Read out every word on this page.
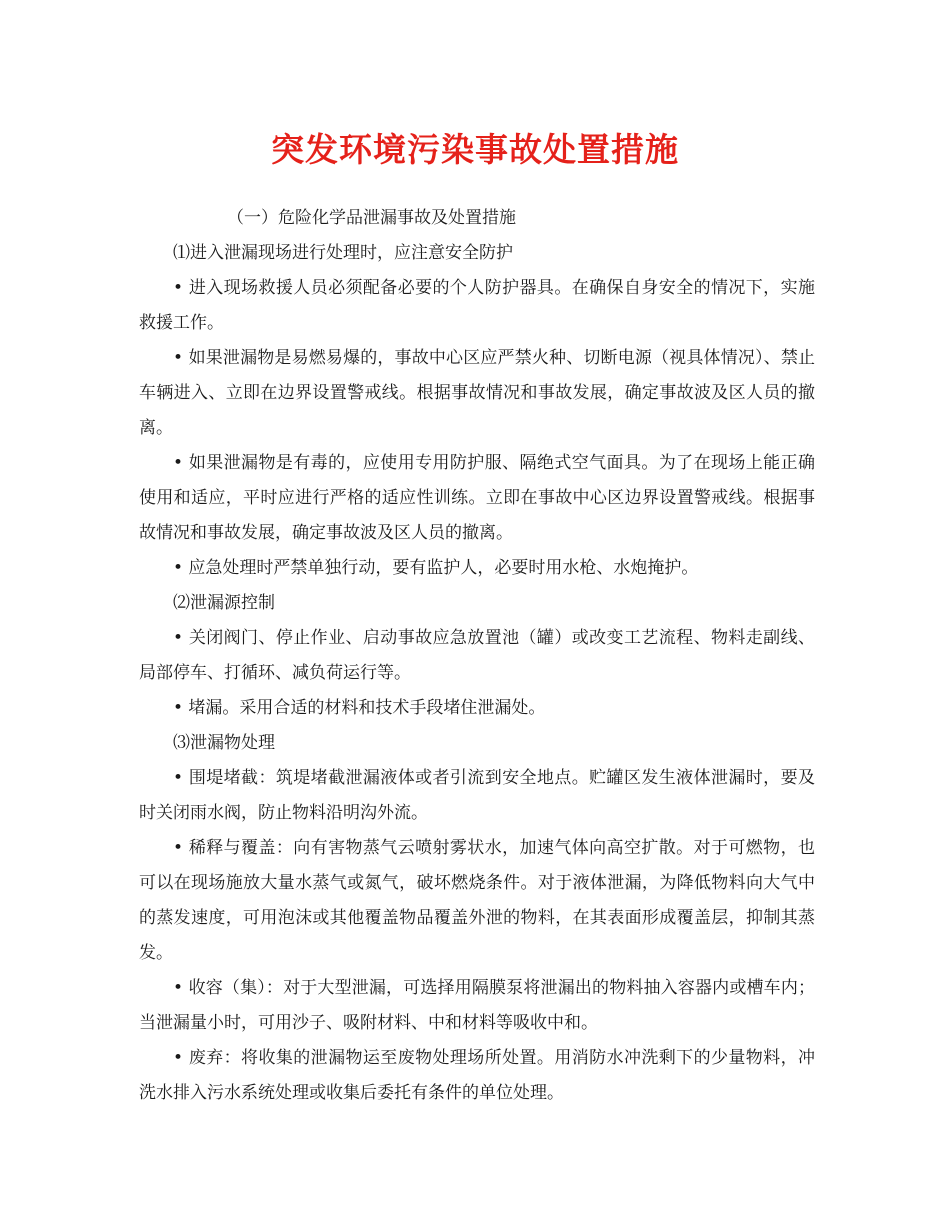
突发环境污染事故处置措施

（一）危险化学品泄漏事故及处置措施

⑴进入泄漏现场进行处理时，应注意安全防护

• 进入现场救援人员必须配备必要的个人防护器具。在确保自身安全的情况下，实施救援工作。

• 如果泄漏物是易燃易爆的，事故中心区应严禁火种、切断电源（视具体情况）、禁止车辆进入、立即在边界设置警戒线。根据事故情况和事故发展，确定事故波及区人员的撤离。

• 如果泄漏物是有毒的，应使用专用防护服、隔绝式空气面具。为了在现场上能正确使用和适应，平时应进行严格的适应性训练。立即在事故中心区边界设置警戒线。根据事故情况和事故发展，确定事故波及区人员的撤离。

• 应急处理时严禁单独行动，要有监护人，必要时用水枪、水炮掩护。

⑵泄漏源控制

• 关闭阀门、停止作业、启动事故应急放置池（罐）或改变工艺流程、物料走副线、局部停车、打循环、减负荷运行等。

• 堵漏。采用合适的材料和技术手段堵住泄漏处。

⑶泄漏物处理

• 围堤堵截：筑堤堵截泄漏液体或者引流到安全地点。贮罐区发生液体泄漏时，要及时关闭雨水阀，防止物料沿明沟外流。

• 稀释与覆盖：向有害物蒸气云喷射雾状水，加速气体向高空扩散。对于可燃物，也可以在现场施放大量水蒸气或氮气，破坏燃烧条件。对于液体泄漏，为降低物料向大气中的蒸发速度，可用泡沫或其他覆盖物品覆盖外泄的物料，在其表面形成覆盖层，抑制其蒸发。

• 收容（集）：对于大型泄漏，可选择用隔膜泵将泄漏出的物料抽入容器内或槽车内；当泄漏量小时，可用沙子、吸附材料、中和材料等吸收中和。

• 废弃：将收集的泄漏物运至废物处理场所处置。用消防水冲洗剩下的少量物料，冲洗水排入污水系统处理或收集后委托有条件的单位处理。
